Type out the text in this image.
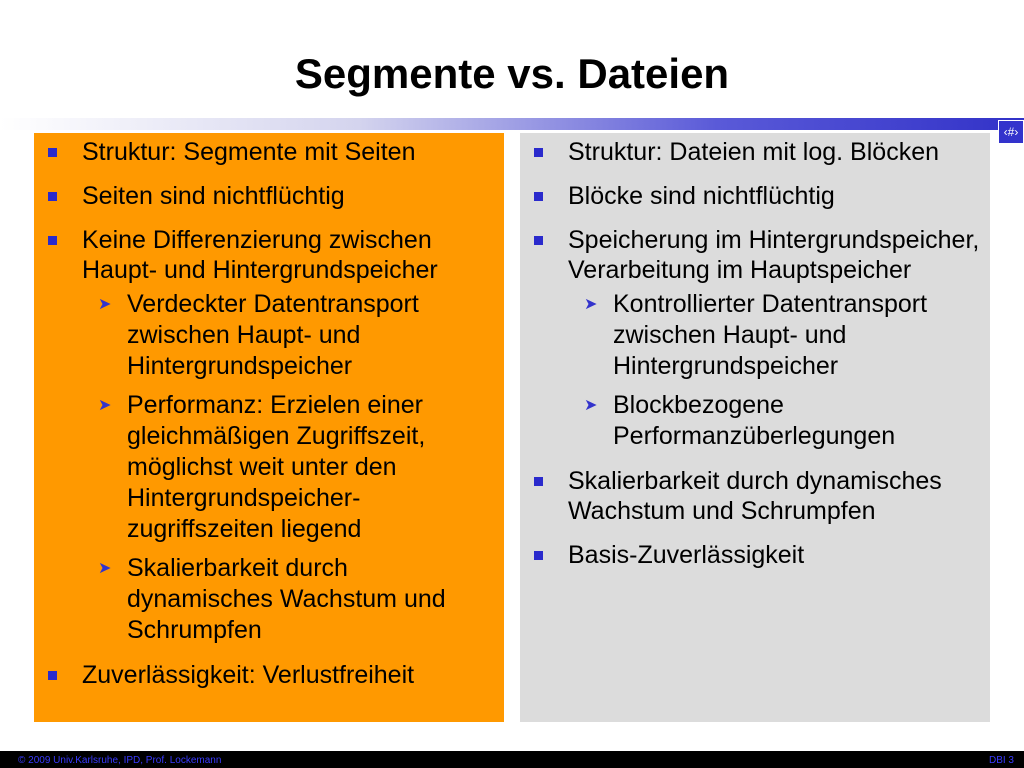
Segmente vs. Dateien
‹#›
Struktur: Segmente mit Seiten
Seiten sind nichtflüchtig
Keine Differenzierung zwischen Haupt- und Hintergrundspeicher
➤ Verdeckter Datentransport zwischen Haupt- und Hintergrundspeicher
➤ Performanz: Erzielen einer gleichmäßigen Zugriffszeit, möglichst weit unter den Hintergrundspeicher-zugriffszeiten liegend
➤ Skalierbarkeit durch dynamisches Wachstum und Schrumpfen
Zuverlässigkeit: Verlustfreiheit
Struktur: Dateien mit log. Blöcken
Blöcke sind nichtflüchtig
Speicherung im Hintergrundspeicher, Verarbeitung im Hauptspeicher
➤ Kontrollierter Datentransport zwischen Haupt- und Hintergrundspeicher
➤ Blockbezogene Performanzüberlegungen
Skalierbarkeit durch dynamisches Wachstum und Schrumpfen
Basis-Zuverlässigkeit
© 2009 Univ.Karlsruhe, IPD, Prof. Lockemann	DBI 3
